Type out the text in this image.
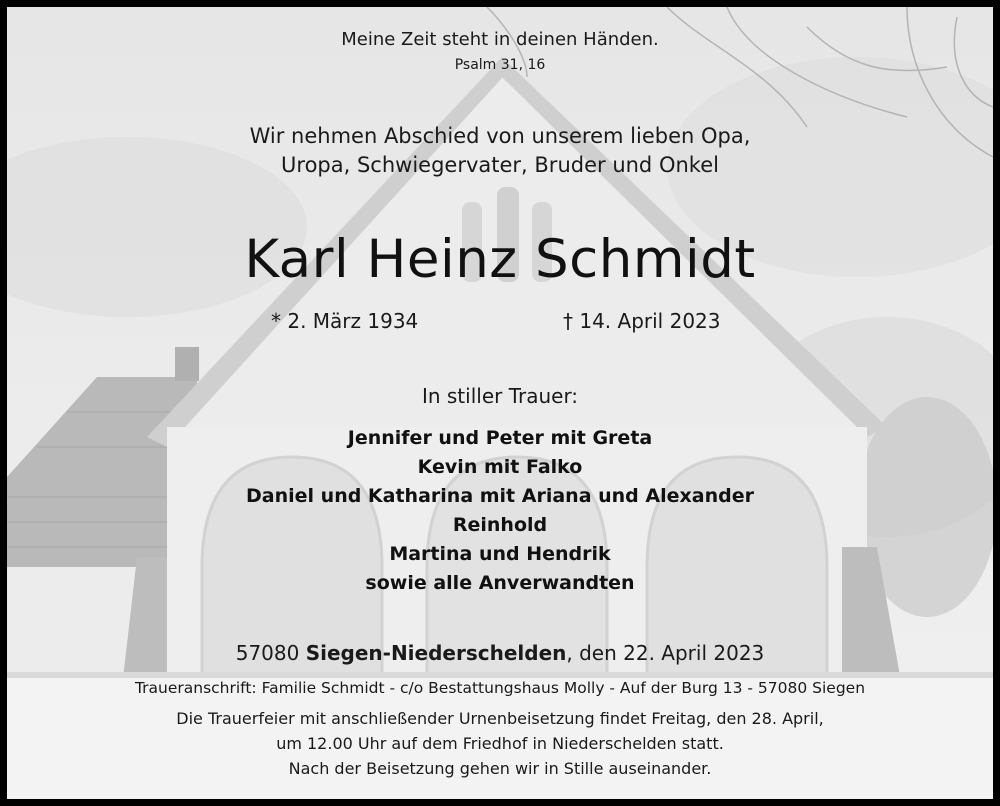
Meine Zeit steht in deinen Händen.
Psalm 31, 16
Wir nehmen Abschied von unserem lieben Opa,
Uropa, Schwiegervater, Bruder und Onkel
Karl Heinz Schmidt
* 2. März 1934	† 14. April 2023
In stiller Trauer:
Jennifer und Peter mit Greta
Kevin mit Falko
Daniel und Katharina mit Ariana und Alexander
Reinhold
Martina und Hendrik
sowie alle Anverwandten
57080 Siegen-Niederschelden, den 22. April 2023
Traueranschrift: Familie Schmidt - c/o Bestattungshaus Molly - Auf der Burg 13 - 57080 Siegen
Die Trauerfeier mit anschließender Urnenbeisetzung findet Freitag, den 28. April,
um 12.00 Uhr auf dem Friedhof in Niederschelden statt.
Nach der Beisetzung gehen wir in Stille auseinander.
